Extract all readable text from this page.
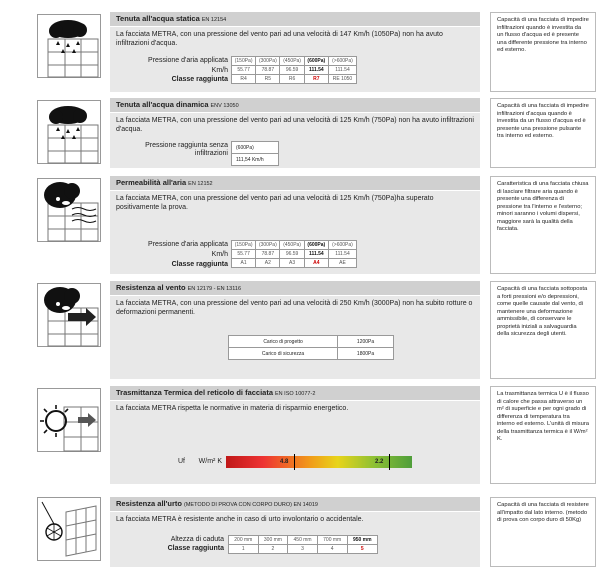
Tenuta all'acqua statica EN 12154
La facciata METRA, con una pressione del vento pari ad una velocità di 147 Km/h (1050Pa) non ha avuto infiltrazioni d'acqua.
Pressione d'aria applicata
Km/h
Classe raggiunta
(150Pa)	(300Pa)	(450Pa)	(600Pa)	(>600Pa)
55.77	78.87	96.59	111.54	111.54
R4	R5	R6	R7	RE 1050
Capacità di una facciata di impedire infiltrazioni quando è investita da un flusso d'acqua ed è presente una differente pressione tra interno ed esterno.
Tenuta all'acqua dinamica ENV 13050
La facciata METRA, con una pressione del vento pari ad una velocità di 125 Km/h (750Pa) non ha avuto infiltrazioni d'acqua.
Pressione raggiunta senza infiltrazioni
(600Pa)
111,54 Km/h
Capacità di una facciata di impedire infiltrazioni d'acqua quando è investita da un flusso d'acqua ed è presente una pressione pulsante tra interno ed esterno.
Permeabilità all'aria EN 12152
La facciata METRA, con una pressione del vento pari ad una velocità di 125 Km/h (750Pa)ha superato positivamente la prova.
Pressione d'aria applicata
Km/h
Classe raggiunta
(150Pa)	(300Pa)	(450Pa)	(600Pa)	(>600Pa)
55.77	78.87	96.59	111.54	111.54
A1	A2	A3	A4	AE
Caratteristica di una facciata chiusa di lasciare filtrare aria quando è presente una differenza di pressione tra l'interno e l'esterno; minori saranno i volumi dispersi, maggiore sarà la qualità della facciata.
Resistenza al vento EN 12179 - EN 13116
La facciata METRA, con una pressione del vento pari ad una velocità di 250 Km/h (3000Pa) non ha subito rotture o deformazioni permanenti.
Carico di progetto	1200Pa
Carico di sicurezza	1800Pa
Capacità di una facciata sottoposta a forti pressioni e/o depressioni, come quelle causate dal vento, di mantenere una deformazione ammissibile, di conservare le proprietà iniziali a salvaguardia della sicurezza degli utenti.
Trasmittanza Termica del reticolo di facciata EN ISO 10077-2
La facciata METRA rispetta le normative in materia di risparmio energetico.
Uf	W/m² K	4.8	2.2
La trasmittanza termica U è il flusso di calore che passa attraverso un m² di superficie e per ogni grado di differenza di temperatura tra interno ed esterno. L'unità di misura della trasmittanza termica è il W/m² K.
Resistenza all'urto (METODO DI PROVA CON CORPO DURO) EN 14019
La facciata METRA è resistente anche in caso di urto involontario o accidentale.
Altezza di caduta
Classe raggiunta
200 mm	300 mm	450 mm	700 mm	950 mm
1	2	3	4	5
Capacità di una facciata di resistere all'impatto dal lato interno. (metodo di prova con corpo duro di 50Kg)
